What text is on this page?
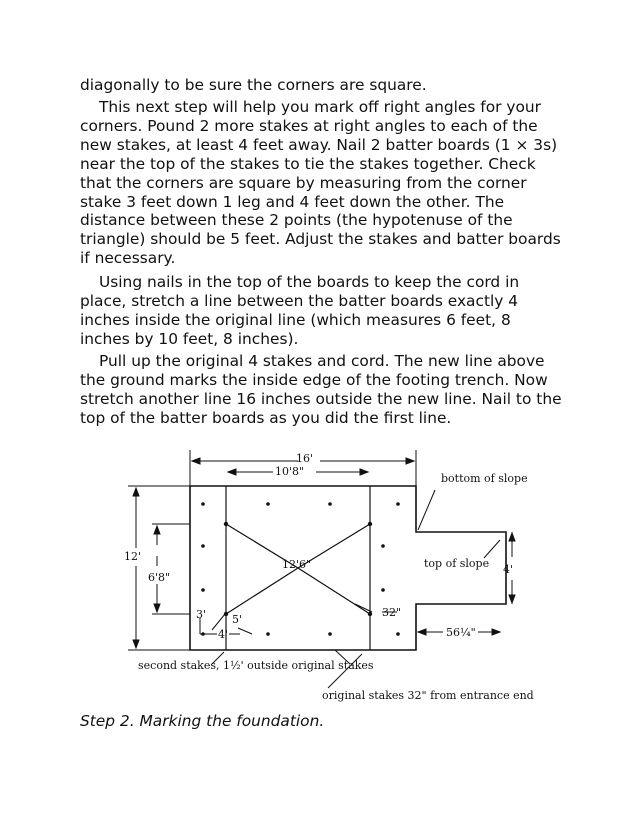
diagonally to be sure the corners are square.

This next step will help you mark off right angles for your corners. Pound 2 more stakes at right angles to each of the new stakes, at least 4 feet away. Nail 2 batter boards (1 × 3s) near the top of the stakes to tie the stakes together. Check that the corners are square by measuring from the corner stake 3 feet down 1 leg and 4 feet down the other. The distance between these 2 points (the hypotenuse of the triangle) should be 5 feet. Adjust the stakes and batter boards if necessary.

Using nails in the top of the boards to keep the cord in place, stretch a line between the batter boards exactly 4 inches inside the original line (which measures 6 feet, 8 inches by 10 feet, 8 inches).

Pull up the original 4 stakes and cord. The new line above the ground marks the inside edge of the footing trench. Now stretch another line 16 inches outside the new line. Nail to the top of the batter boards as you did the first line.

16'
10'8"
bottom of slope
12'
6'8"
12'6"	top of slope 4'
3' 5'
4'
32"
56¼"
second stakes, 1½' outside original stakes
original stakes 32" from entrance end
Step 2. Marking the foundation.
